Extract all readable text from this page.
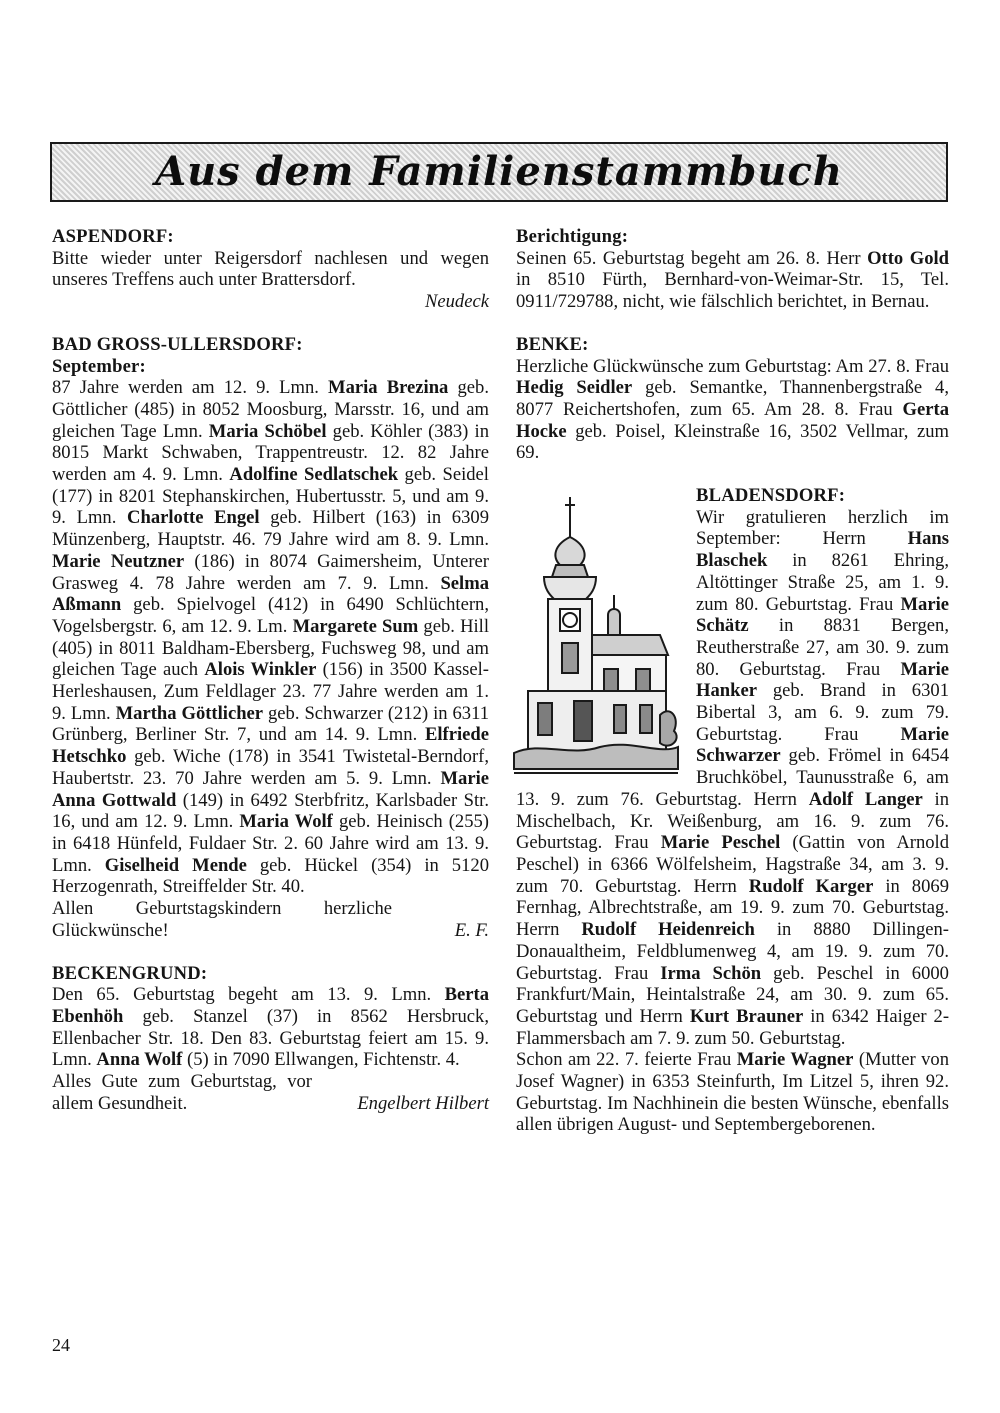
Aus dem Familienstammbuch

ASPENDORF:

Bitte wieder unter Reigersdorf nachlesen und wegen unseres Treffens auch unter Brattersdorf.

Neudeck

BAD GROSS-ULLERSDORF:

September:

87 Jahre werden am 12. 9. Lmn. Maria Brezina geb. Göttlicher (485) in 8052 Moosburg, Marsstr. 16, und am gleichen Tage Lmn. Maria Schöbel geb. Köhler (383) in 8015 Markt Schwaben, Trappentreustr. 12. 82 Jahre werden am 4. 9. Lmn. Adolfine Sedlatschek geb. Seidel (177) in 8201 Stephanskirchen, Hubertusstr. 5, und am 9. 9. Lmn. Charlotte Engel geb. Hilbert (163) in 6309 Münzenberg, Hauptstr. 46. 79 Jahre wird am 8. 9. Lmn. Marie Neutzner (186) in 8074 Gaimersheim, Unterer Grasweg 4. 78 Jahre werden am 7. 9. Lmn. Selma Aßmann geb. Spielvogel (412) in 6490 Schlüchtern, Vogelsbergstr. 6, am 12. 9. Lm. Margarete Sum geb. Hill (405) in 8011 Baldham-Ebersberg, Fuchsweg 98, und am gleichen Tage auch Alois Winkler (156) in 3500 Kassel-Herleshausen, Zum Feldlager 23. 77 Jahre werden am 1. 9. Lmn. Martha Göttlicher geb. Schwarzer (212) in 6311 Grünberg, Berliner Str. 7, und am 14. 9. Lmn. Elfriede Hetschko geb. Wiche (178) in 3541 Twistetal-Berndorf, Haubertstr. 23. 70 Jahre werden am 5. 9. Lmn. Marie Anna Gottwald (149) in 6492 Sterbfritz, Karlsbader Str. 16, und am 12. 9. Lmn. Maria Wolf geb. Heinisch (255) in 6418 Hünfeld, Fuldaer Str. 2. 60 Jahre wird am 13. 9. Lmn. Giselheid Mende geb. Hückel (354) in 5120 Herzogenrath, Streiffelder Str. 40.

Allen Geburtstagskindern herzliche Glückwünsche!	E. F.

BECKENGRUND:

Den 65. Geburtstag begeht am 13. 9. Lmn. Berta Ebenhöh geb. Stanzel (37) in 8562 Hersbruck, Ellenbacher Str. 18. Den 83. Geburtstag feiert am 15. 9. Lmn. Anna Wolf (5) in 7090 Ellwangen, Fichtenstr. 4.

Alles Gute zum Geburtstag, vor allem Gesundheit.	Engelbert Hilbert

Berichtigung:

Seinen 65. Geburtstag begeht am 26. 8. Herr Otto Gold in 8510 Fürth, Bernhard-von-Weimar-Str. 15, Tel. 0911/729788, nicht, wie fälschlich berichtet, in Bernau.

BENKE:

Herzliche Glückwünsche zum Geburtstag: Am 27. 8. Frau Hedig Seidler geb. Semantke, Thannenbergstraße 4, 8077 Reichertshofen, zum 65. Am 28. 8. Frau Gerta Hocke geb. Poisel, Kleinstraße 16, 3502 Vellmar, zum 69.

BLADENSDORF:

Wir gratulieren herzlich im September: Herrn Hans Blaschek in 8261 Ehring, Altöttinger Straße 25, am 1. 9. zum 80. Geburtstag. Frau Marie Schätz in 8831 Bergen, Reutherstraße 27, am 30. 9. zum 80. Geburtstag. Frau Marie Hanker geb. Brand in 6301 Bibertal 3, am 6. 9. zum 79. Geburtstag. Frau Marie Schwarzer geb. Frömel in 6454 Bruchköbel, Taunusstraße 6, am 13. 9. zum 76. Geburtstag. Herrn Adolf Langer in Mischelbach, Kr. Weißenburg, am 16. 9. zum 76. Geburtstag. Frau Marie Peschel (Gattin von Arnold Peschel) in 6366 Wölfelsheim, Hagstraße 34, am 3. 9. zum 70. Geburtstag. Herrn Rudolf Karger in 8069 Fernhag, Albrechtstraße, am 19. 9. zum 70. Geburtstag. Herrn Rudolf Heidenreich in 8880 Dillingen-Donaualtheim, Feldblumenweg 4, am 19. 9. zum 70. Geburtstag. Frau Irma Schön geb. Peschel in 6000 Frankfurt/Main, Heintalstraße 24, am 30. 9. zum 65. Geburtstag und Herrn Kurt Brauner in 6342 Haiger 2-Flammersbach am 7. 9. zum 50. Geburtstag.

Schon am 22. 7. feierte Frau Marie Wagner (Mutter von Josef Wagner) in 6353 Steinfurth, Im Litzel 5, ihren 92. Geburtstag. Im Nachhinein die besten Wünsche, ebenfalls allen übrigen August- und Septembergeborenen.

24
